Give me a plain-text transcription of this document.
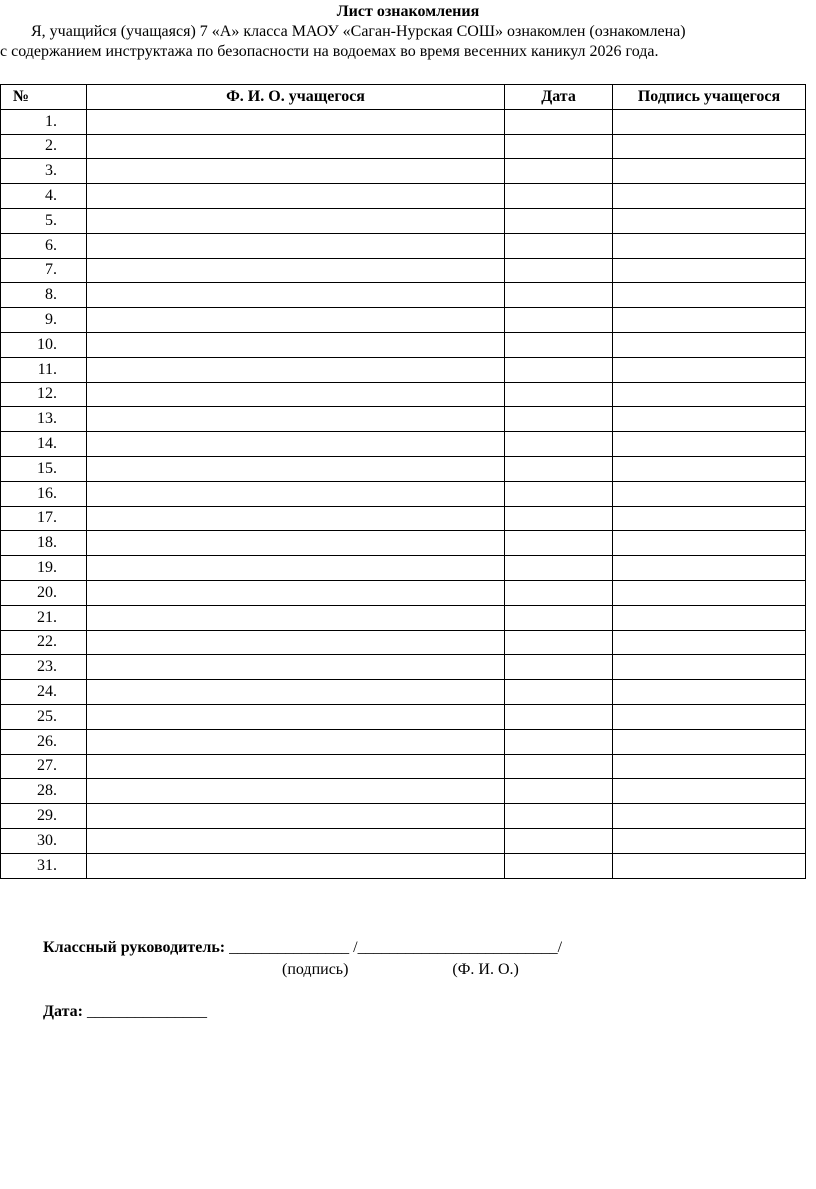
Лист ознакомления
Я, учащийся (учащаяся) 7 «А» класса МАОУ «Саган-Нурская СОШ» ознакомлен (ознакомлена)
с содержанием инструктажа по безопасности на водоемах во время весенних каникул 2026 года.
№	Ф. И. О. учащегося	Дата	Подпись учащегося
1.			
2.			
3.			
4.			
5.			
6.			
7.			
8.			
9.			
10.			
11.			
12.			
13.			
14.			
15.			
16.			
17.			
18.			
19.			
20.			
21.			
22.			
23.			
24.			
25.			
26.			
27.			
28.			
29.			
30.			
31.			
Классный руководитель: _______________ /_________________________/
(подпись)	(Ф. И. О.)
Дата: _______________
